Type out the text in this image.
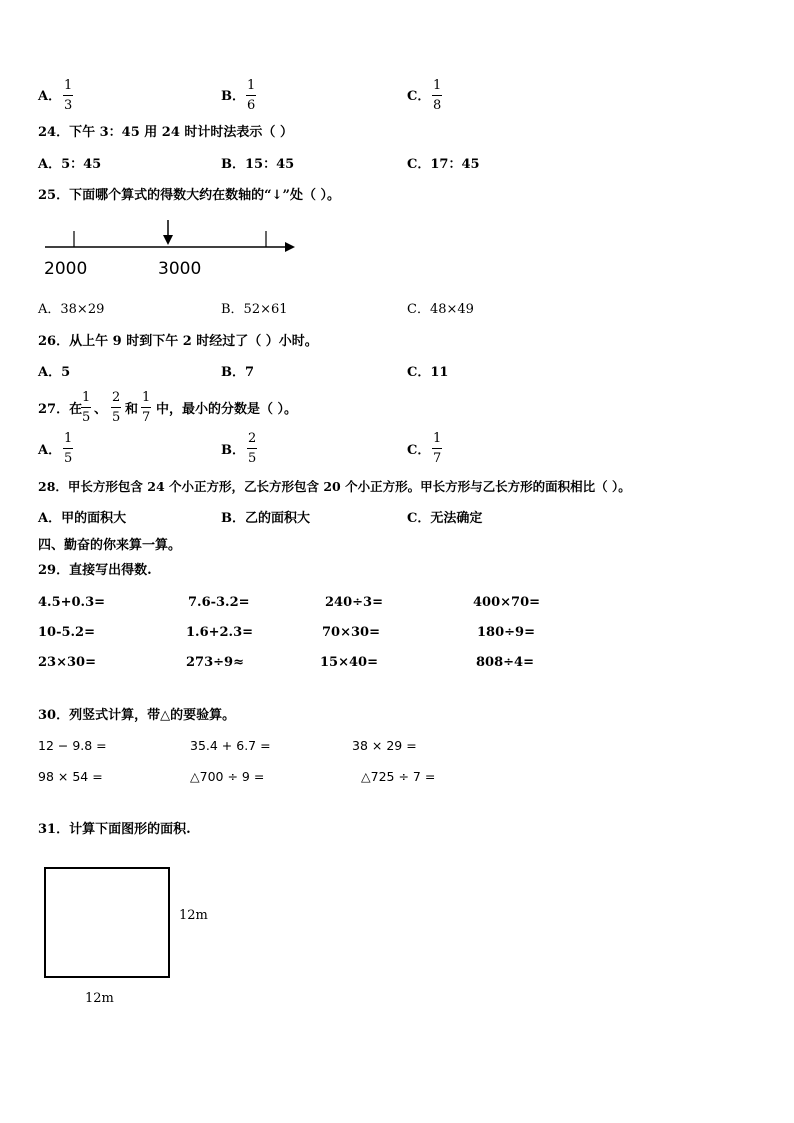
A．
1
3
B．
1
6
C．
1
8
24．下午 3：45 用 24 时计时法表示（ ）
A．5：45	B．15：45	C．17：45
25．下面哪个算式的得数大约在数轴的“↓”处（ ）。
2000	3000
A．38×29	B．52×61	C．48×49
26．从上午 9 时到下午 2 时经过了（ ）小时。
A．5	B．7	C．11
27．在
1
5
、
2
5
和
1
7
中，最小的分数是（ ）。
A．
1
5
B．
2
5
C．
1
7
28．甲长方形包含 24 个小正方形，乙长方形包含 20 个小正方形。甲长方形与乙长方形的面积相比（ ）。
A．甲的面积大	B．乙的面积大	C．无法确定
四、勤奋的你来算一算。
29．直接写出得数.
4.5+0.3=	7.6-3.2=	240÷3=	400×70=
10-5.2=	1.6+2.3=	70×30=	180÷9=
23×30=	273÷9≈	15×40=	808÷4=
30．列竖式计算，带△的要验算。
12 − 9.8 =	35.4 + 6.7 =	38 × 29 =
98 × 54 =	△700 ÷ 9 =	△725 ÷ 7 =
31．计算下面图形的面积.
12m
12m
